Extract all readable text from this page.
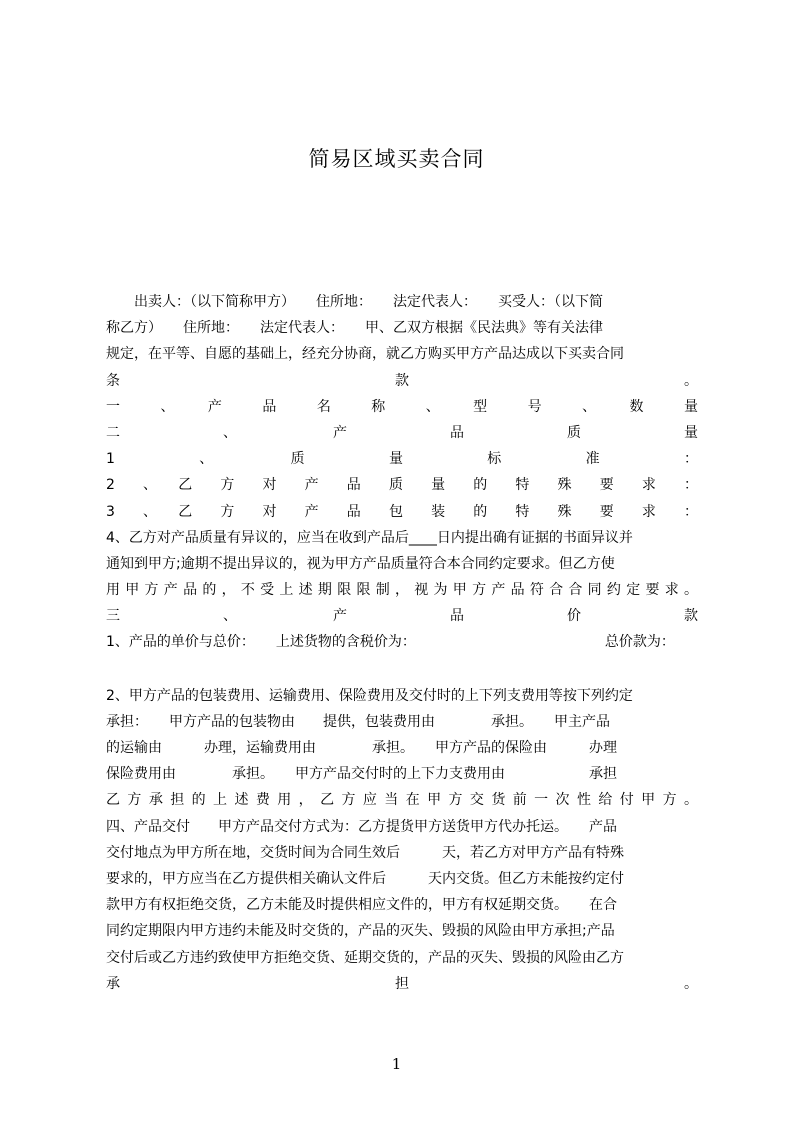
简易区域买卖合同
　　出卖人：（以下简称甲方）　　住所地：　　法定代表人：　　买受人：（以下简
称乙方）　　住所地：　　法定代表人：　　甲、乙双方根据《民法典》等有关法律
规定，在平等、自愿的基础上，经充分协商，就乙方购买甲方产品达成以下买卖合同
条　款　。
一　、　产　品　名　称　、　型　号　、　数　量
二　、　产　品　质　量
1　、　质　量　标　准　：
2　、　乙　方　对　产　品　质　量　的　特　殊　要　求　：
3　、　乙　方　对　产　品　包　装　的　特　殊　要　求　：
4、乙方对产品质量有异议的，应当在收到产品后____日内提出确有证据的书面异议并
通知到甲方;逾期不提出异议的，视为甲方产品质量符合本合同约定要求。但乙方使
用甲方产品的，不受上述期限限制，视为甲方产品符合合同约定要求。
三　、　产　品　价　款
1、产品的单价与总价：　　上述货物的含税价为：　　　　　　　　　　　　　　总价款为：
2、甲方产品的包装费用、运输费用、保险费用及交付时的上下列支费用等按下列约定
承担：　　甲方产品的包装物由　　提供，包装费用由　　　　承担。　　甲主产品
的运输由　　　办理，运输费用由　　　　承担。　　甲方产品的保险由　　　办理
保险费用由　　　　承担。　　甲方产品交付时的上下力支费用由　　　　　　承担
乙方承担的上述费用，乙方应当在甲方交货前一次性给付甲方。
四、产品交付　　甲方产品交付方式为：乙方提货甲方送货甲方代办托运。　　产品
交付地点为甲方所在地，交货时间为合同生效后　　　天，若乙方对甲方产品有特殊
要求的，甲方应当在乙方提供相关确认文件后　　　天内交货。但乙方未能按约定付
款甲方有权拒绝交货，乙方未能及时提供相应文件的，甲方有权延期交货。　　在合
同约定期限内甲方违约未能及时交货的，产品的灭失、毁损的风险由甲方承担;产品
交付后或乙方违约致使甲方拒绝交货、延期交货的，产品的灭失、毁损的风险由乙方
承　担　。
1
